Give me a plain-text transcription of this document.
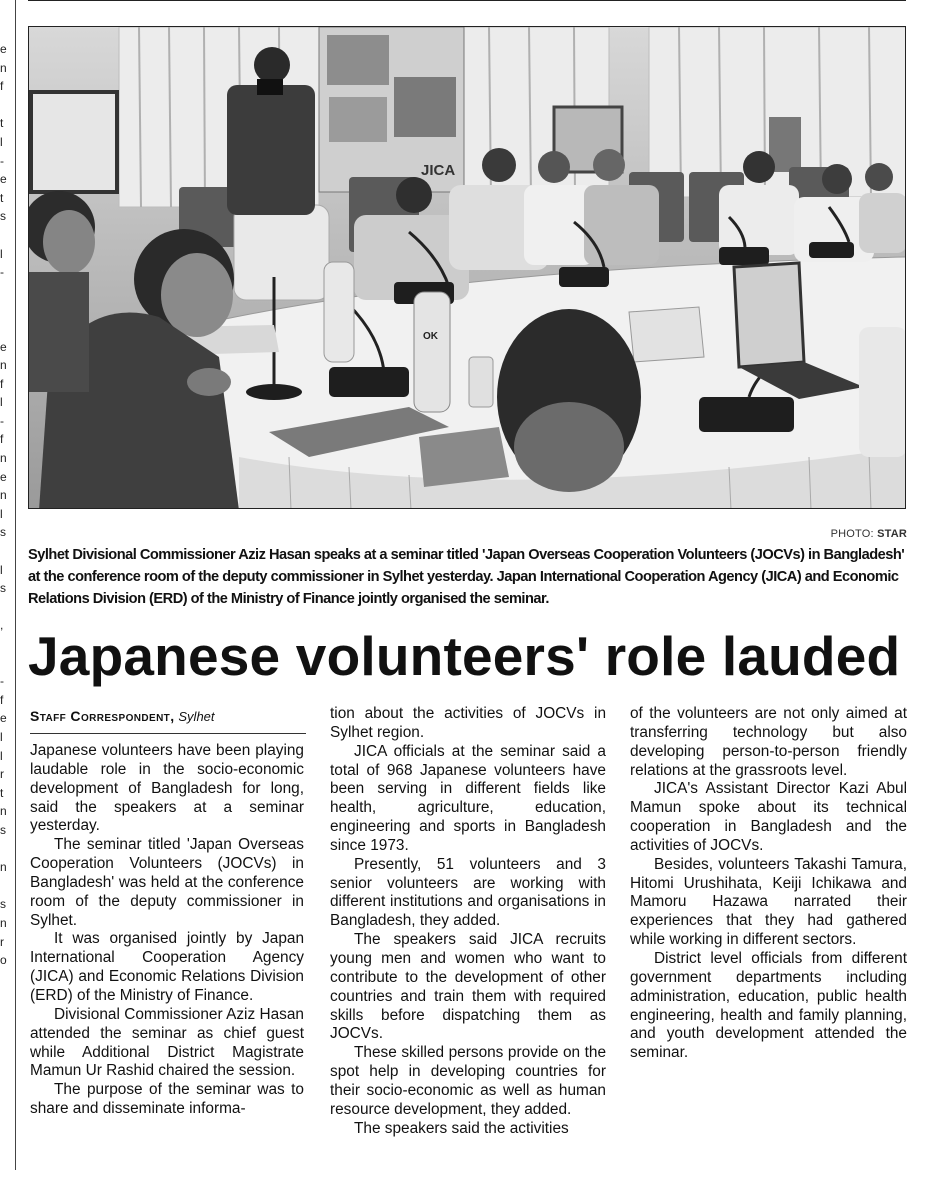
e
n
f
t
l
-
e
t
s
l
-
e
n
f
l
-
f
n
e
n
l
s
l
s
,
-
f
e
l
l
r
t
n
s
n
s
n
r
o
JICA
OK
PHOTO: STAR
Sylhet Divisional Commissioner Aziz Hasan speaks at a seminar titled 'Japan Overseas Cooperation Volunteers (JOCVs) in Bangladesh' at the conference room of the deputy commissioner in Sylhet yesterday. Japan International Cooperation Agency (JICA) and Economic Relations Division (ERD) of the Ministry of Finance jointly organised the seminar.
Japanese volunteers' role lauded
Staff Correspondent, Sylhet

Japanese volunteers have been playing laudable role in the socio-economic development of Bangladesh for long, said the speakers at a seminar yesterday.

The seminar titled 'Japan Overseas Cooperation Volunteers (JOCVs) in Bangladesh' was held at the conference room of the deputy commissioner in Sylhet.

It was organised jointly by Japan International Cooperation Agency (JICA) and Economic Relations Division (ERD) of the Ministry of Finance.

Divisional Commissioner Aziz Hasan attended the seminar as chief guest while Additional District Magistrate Mamun Ur Rashid chaired the session.

The purpose of the seminar was to share and disseminate informa-

tion about the activities of JOCVs in Sylhet region.

JICA officials at the seminar said a total of 968 Japanese volunteers have been serving in different fields like health, agriculture, education, engineering and sports in Bangladesh since 1973.

Presently, 51 volunteers and 3 senior volunteers are working with different institutions and organisations in Bangladesh, they added.

The speakers said JICA recruits young men and women who want to contribute to the development of other countries and train them with required skills before dispatching them as JOCVs.

These skilled persons provide on the spot help in developing countries for their socio-economic as well as human resource development, they added.

The speakers said the activities

of the volunteers are not only aimed at transferring technology but also developing person-to-person friendly relations at the grassroots level.

JICA's Assistant Director Kazi Abul Mamun spoke about its technical cooperation in Bangladesh and the activities of JOCVs.

Besides, volunteers Takashi Tamura, Hitomi Urushihata, Keiji Ichikawa and Mamoru Hazawa narrated their experiences that they had gathered while working in different sectors.

District level officials from different government departments including administration, education, public health engineering, health and family planning, and youth development attended the seminar.
